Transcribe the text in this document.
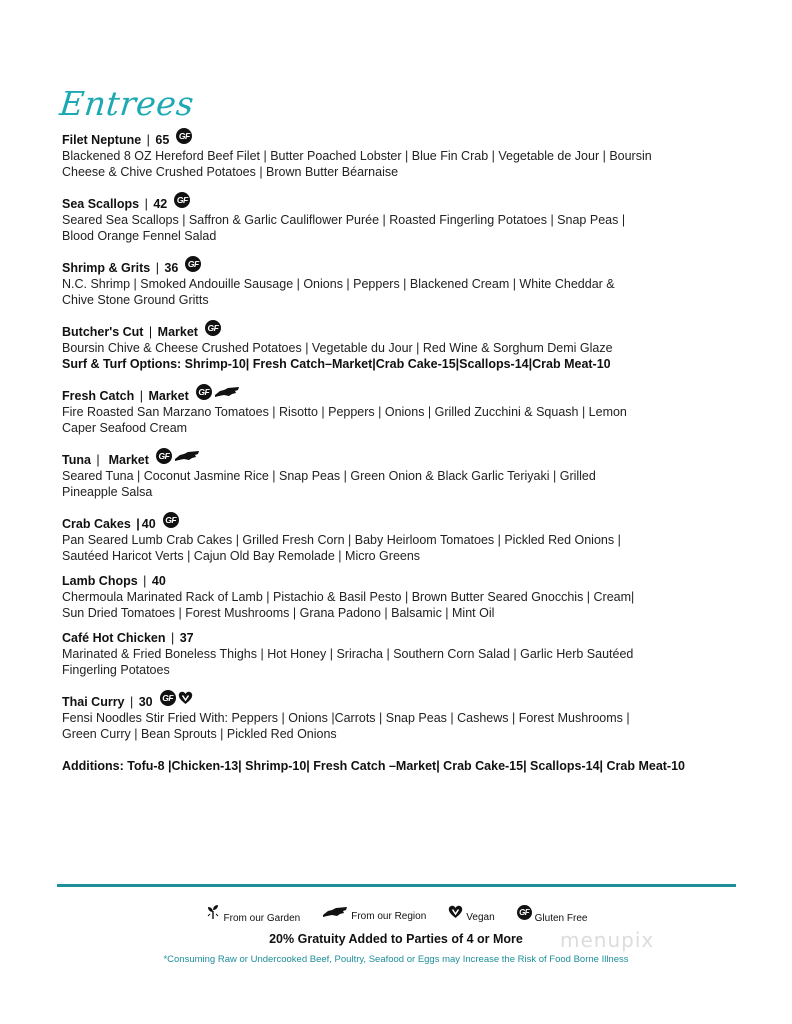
Entrees
Filet Neptune | 65	GF
Blackened 8 OZ Hereford Beef Filet | Butter Poached Lobster | Blue Fin Crab | Vegetable de Jour | Boursin
Cheese & Chive Crushed Potatoes | Brown Butter Béarnaise
Sea Scallops | 42	GF
Seared Sea Scallops | Saffron & Garlic Cauliflower Purée | Roasted Fingerling Potatoes | Snap Peas |
Blood Orange Fennel Salad
Shrimp & Grits | 36	GF
N.C. Shrimp | Smoked Andouille Sausage | Onions | Peppers | Blackened Cream | White Cheddar &
Chive Stone Ground Gritts
Butcher's Cut | Market	GF
Boursin Chive & Cheese Crushed Potatoes | Vegetable du Jour | Red Wine & Sorghum Demi Glaze
Surf & Turf Options: Shrimp-10| Fresh Catch–Market|Crab Cake-15|Scallops-14|Crab Meat-10
Fresh Catch | Market	GF
Fire Roasted San Marzano Tomatoes | Risotto | Peppers | Onions | Grilled Zucchini & Squash | Lemon
Caper Seafood Cream
Tuna | Market	GF
Seared Tuna | Coconut Jasmine Rice | Snap Peas | Green Onion & Black Garlic Teriyaki | Grilled
Pineapple Salsa
Crab Cakes | 40	GF
Pan Seared Lumb Crab Cakes | Grilled Fresh Corn | Baby Heirloom Tomatoes | Pickled Red Onions |
Sautéed Haricot Verts | Cajun Old Bay Remolade | Micro Greens
Lamb Chops | 40
Chermoula Marinated Rack of Lamb | Pistachio & Basil Pesto | Brown Butter Seared Gnocchis | Cream|
Sun Dried Tomatoes | Forest Mushrooms | Grana Padono | Balsamic | Mint Oil
Café Hot Chicken | 37
Marinated & Fried Boneless Thighs | Hot Honey | Sriracha | Southern Corn Salad | Garlic Herb Sautéed
Fingerling Potatoes
Thai Curry | 30	GF
Fensi Noodles Stir Fried With: Peppers | Onions |Carrots | Snap Peas | Cashews | Forest Mushrooms |
Green Curry | Bean Sprouts | Pickled Red Onions
Additions: Tofu-8 |Chicken-13| Shrimp-10| Fresh Catch –Market| Crab Cake-15| Scallops-14| Crab Meat-10
From our Garden	From our Region	Vegan	GF
Gluten Free
20% Gratuity Added to Parties of 4 or More	menupix
*Consuming Raw or Undercooked Beef, Poultry, Seafood or Eggs may Increase the Risk of Food Borne Illness
